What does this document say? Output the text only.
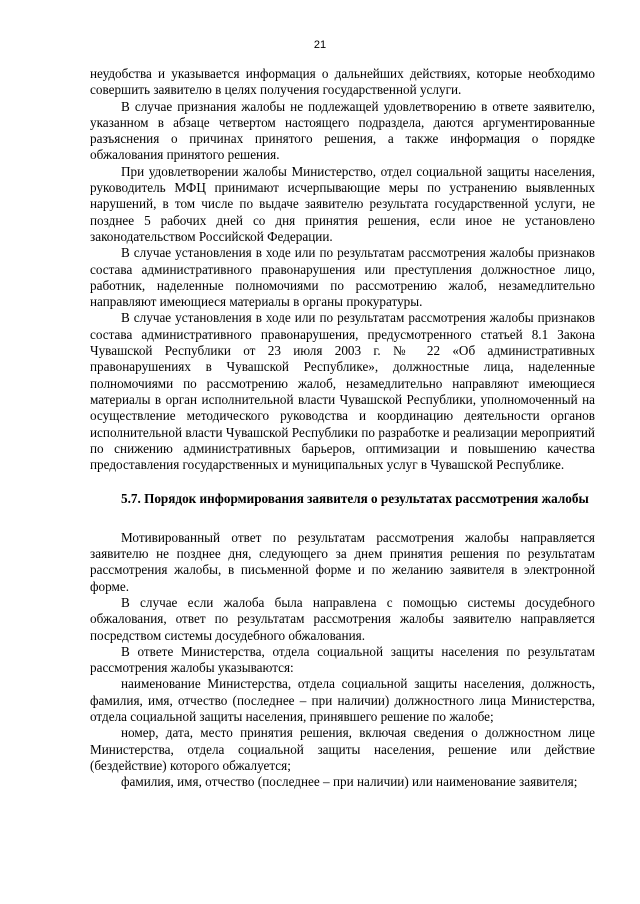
21

неудобства и указывается информация о дальнейших действиях, которые необходимо совершить заявителю в целях получения государственной услуги.

В случае признания жалобы не подлежащей удовлетворению в ответе заявителю, указанном в абзаце четвертом настоящего подраздела, даются аргументированные разъяснения о причинах принятого решения, а также информация о порядке обжалования принятого решения.

При удовлетворении жалобы Министерство, отдел социальной защиты населения, руководитель МФЦ принимают исчерпывающие меры по устранению выявленных нарушений, в том числе по выдаче заявителю результата государственной услуги, не позднее 5 рабочих дней со дня принятия решения, если иное не установлено законодательством Российской Федерации.

В случае установления в ходе или по результатам рассмотрения жалобы признаков состава административного правонарушения или преступления должностное лицо, работник, наделенные полномочиями по рассмотрению жалоб, незамедлительно направляют имеющиеся материалы в органы прокуратуры.

В случае установления в ходе или по результатам рассмотрения жалобы признаков состава административного правонарушения, предусмотренного статьей 8.1 Закона Чувашской Республики от 23 июля 2003 г. № 22 «Об административных правонарушениях в Чувашской Республике», должностные лица, наделенные полномочиями по рассмотрению жалоб, незамедлительно направляют имеющиеся материалы в орган исполнительной власти Чувашской Республики, уполномоченный на осуществление методического руководства и координацию деятельности органов исполнительной власти Чувашской Республики по разработке и реализации мероприятий по снижению административных барьеров, оптимизации и повышению качества предоставления государственных и муниципальных услуг в Чувашской Республике.

5.7. Порядок информирования заявителя о результатах рассмотрения жалобы

Мотивированный ответ по результатам рассмотрения жалобы направляется заявителю не позднее дня, следующего за днем принятия решения по результатам рассмотрения жалобы, в письменной форме и по желанию заявителя в электронной форме.

В случае если жалоба была направлена с помощью системы досудебного обжалования, ответ по результатам рассмотрения жалобы заявителю направляется посредством системы досудебного обжалования.

В ответе Министерства, отдела социальной защиты населения по результатам рассмотрения жалобы указываются:

наименование Министерства, отдела социальной защиты населения, должность, фамилия, имя, отчество (последнее – при наличии) должностного лица Министерства, отдела социальной защиты населения, принявшего решение по жалобе;

номер, дата, место принятия решения, включая сведения о должностном лице Министерства, отдела социальной защиты населения, решение или действие (бездействие) которого обжалуется;

фамилия, имя, отчество (последнее – при наличии) или наименование заявителя;
